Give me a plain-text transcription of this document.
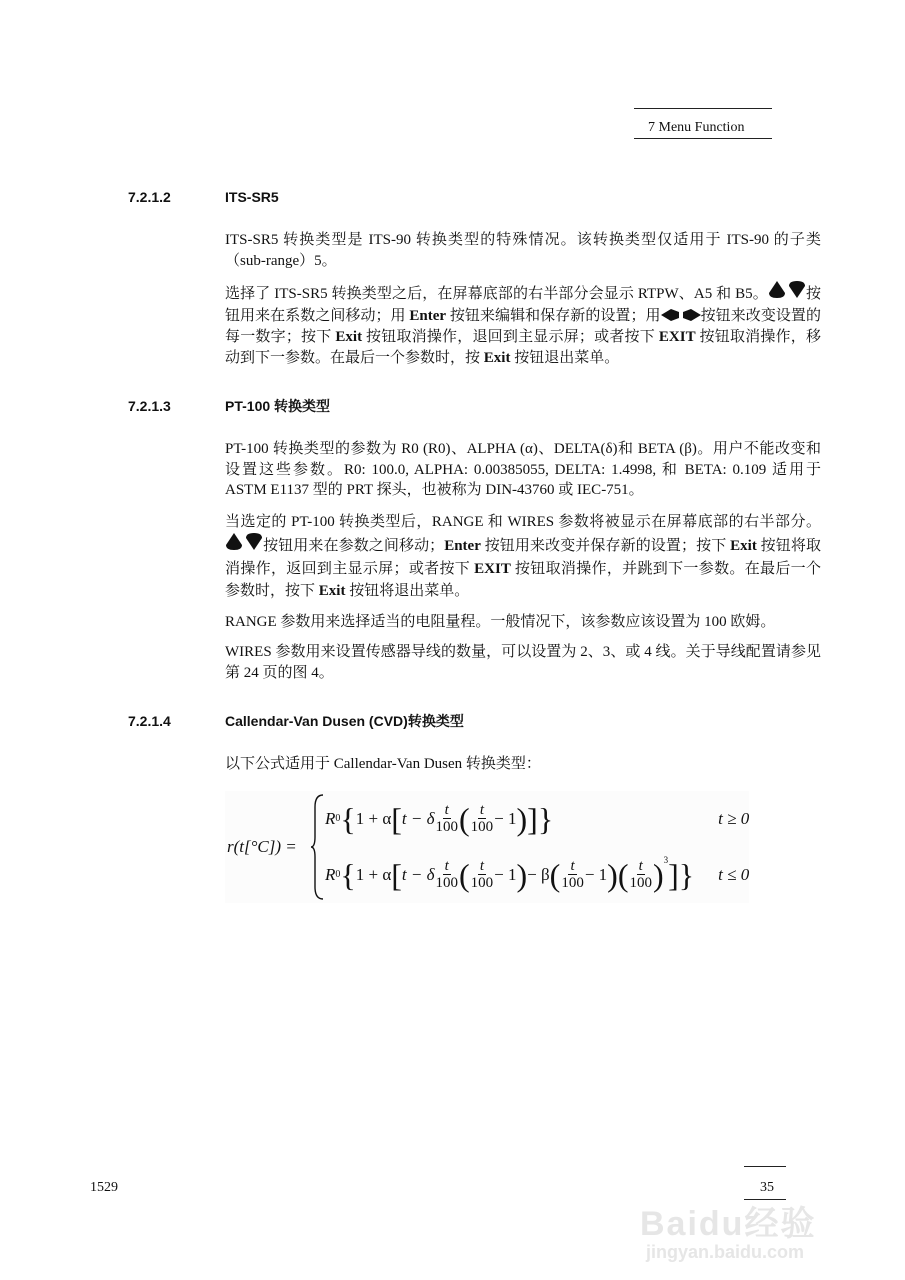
7 Menu Function
7.2.1.2	ITS-SR5
ITS-SR5 转换类型是 ITS-90 转换类型的特殊情况。该转换类型仅适用于 ITS-90 的子类（sub-range）5。
选择了 ITS-SR5 转换类型之后，在屏幕底部的右半部分会显示 RTPW、A5 和 B5。	按钮用来在系数之间移动；用 Enter 按钮来编辑和保存新的设置；用	按钮来改变设置的每一数字；按下 Exit 按钮取消操作，退回到主显示屏；或者按下 EXIT 按钮取消操作，移动到下一参数。在最后一个参数时，按 Exit 按钮退出菜单。
7.2.1.3	PT-100 转换类型
PT-100 转换类型的参数为 R0 (R0)、ALPHA (α)、DELTA(δ)和 BETA (β)。用户不能改变和设置这些参数。R0: 100.0, ALPHA: 0.00385055, DELTA: 1.4998, 和 BETA: 0.109 适用于 ASTM E1137 型的 PRT 探头，也被称为 DIN-43760 或 IEC-751。
当选定的 PT-100 转换类型后，RANGE 和 WIRES 参数将被显示在屏幕底部的右半部分。按钮用来在参数之间移动；Enter 按钮用来改变并保存新的设置；按下 Exit 按钮将取消操作，返回到主显示屏；或者按下 EXIT 按钮取消操作，并跳到下一参数。在最后一个参数时，按下 Exit 按钮将退出菜单。
RANGE 参数用来选择适当的电阻量程。一般情况下，该参数应该设置为 100 欧姆。
WIRES 参数用来设置传感器导线的数量，可以设置为 2、3、或 4 线。关于导线配置请参见第 24 页的图 4。
7.2.1.4	Callendar-Van Dusen (CVD)转换类型
以下公式适用于 Callendar-Van Dusen 转换类型：
r(t[°C]) =
R 0 { 1 + α [ t − δ $\frac{t}{100}$ ( $\frac{t}{100} - 1$ ) ] }	t ≥ 0
R 0 { 1 + α [ t − δ $\frac{t}{100}$ ( $\frac{t}{100} - 1$ ) − β ( $\frac{t}{100} - 1$ ) ( $\frac{t}{100}$ ) 3 ] }	t ≤ 0
1529	35
Baidu经验
jingyan.baidu.com
